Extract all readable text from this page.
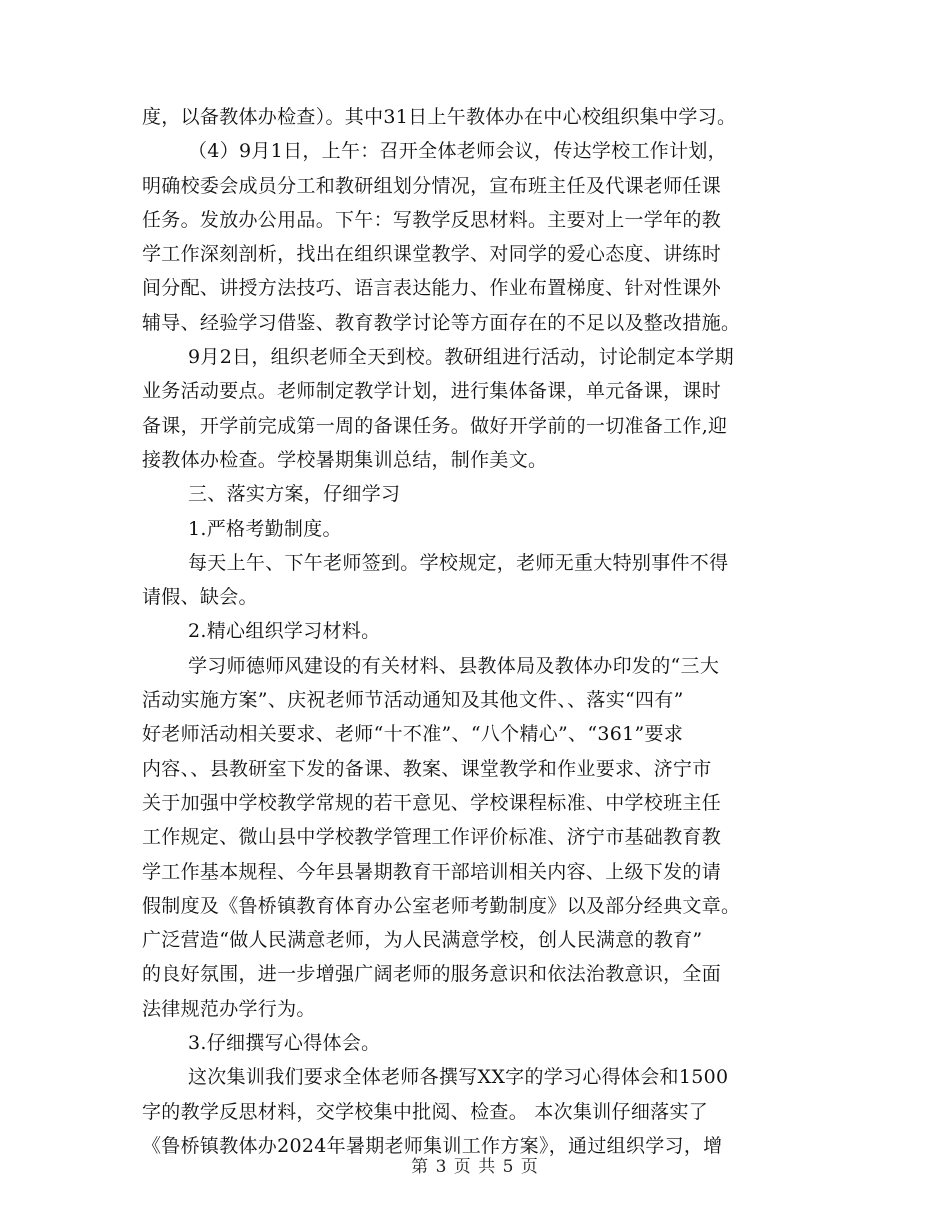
度，以备教体办检查）。其中31日上午教体办在中心校组织集中学习。
（4）9月1日，上午：召开全体老师会议，传达学校工作计划，
明确校委会成员分工和教研组划分情况，宣布班主任及代课老师任课
任务。发放办公用品。下午：写教学反思材料。主要对上一学年的教
学工作深刻剖析，找出在组织课堂教学、对同学的爱心态度、讲练时
间分配、讲授方法技巧、语言表达能力、作业布置梯度、针对性课外
辅导、经验学习借鉴、教育教学讨论等方面存在的不足以及整改措施。
9月2日，组织老师全天到校。教研组进行活动，讨论制定本学期
业务活动要点。老师制定教学计划，进行集体备课，单元备课，课时
备课，开学前完成第一周的备课任务。做好开学前的一切准备工作,迎
接教体办检查。学校暑期集训总结，制作美文。
三、落实方案，仔细学习
1.严格考勤制度。
每天上午、下午老师签到。学校规定，老师无重大特别事件不得
请假、缺会。
2.精心组织学习材料。
学习师德师风建设的有关材料、县教体局及教体办印发的“三大
活动实施方案”、庆祝老师节活动通知及其他文件、、落实“四有”
好老师活动相关要求、老师“十不准”、“八个精心”、“361”要求
内容、、县教研室下发的备课、教案、课堂教学和作业要求、济宁市
关于加强中学校教学常规的若干意见、学校课程标准、中学校班主任
工作规定、微山县中学校教学管理工作评价标准、济宁市基础教育教
学工作基本规程、今年县暑期教育干部培训相关内容、上级下发的请
假制度及《鲁桥镇教育体育办公室老师考勤制度》以及部分经典文章。
广泛营造“做人民满意老师，为人民满意学校，创人民满意的教育”
的良好氛围，进一步增强广阔老师的服务意识和依法治教意识，全面
法律规范办学行为。
3.仔细撰写心得体会。
这次集训我们要求全体老师各撰写XX字的学习心得体会和1500
字的教学反思材料，交学校集中批阅、检查。 本次集训仔细落实了
《鲁桥镇教体办2024年暑期老师集训工作方案》，通过组织学习，增
第 3 页 共 5 页
